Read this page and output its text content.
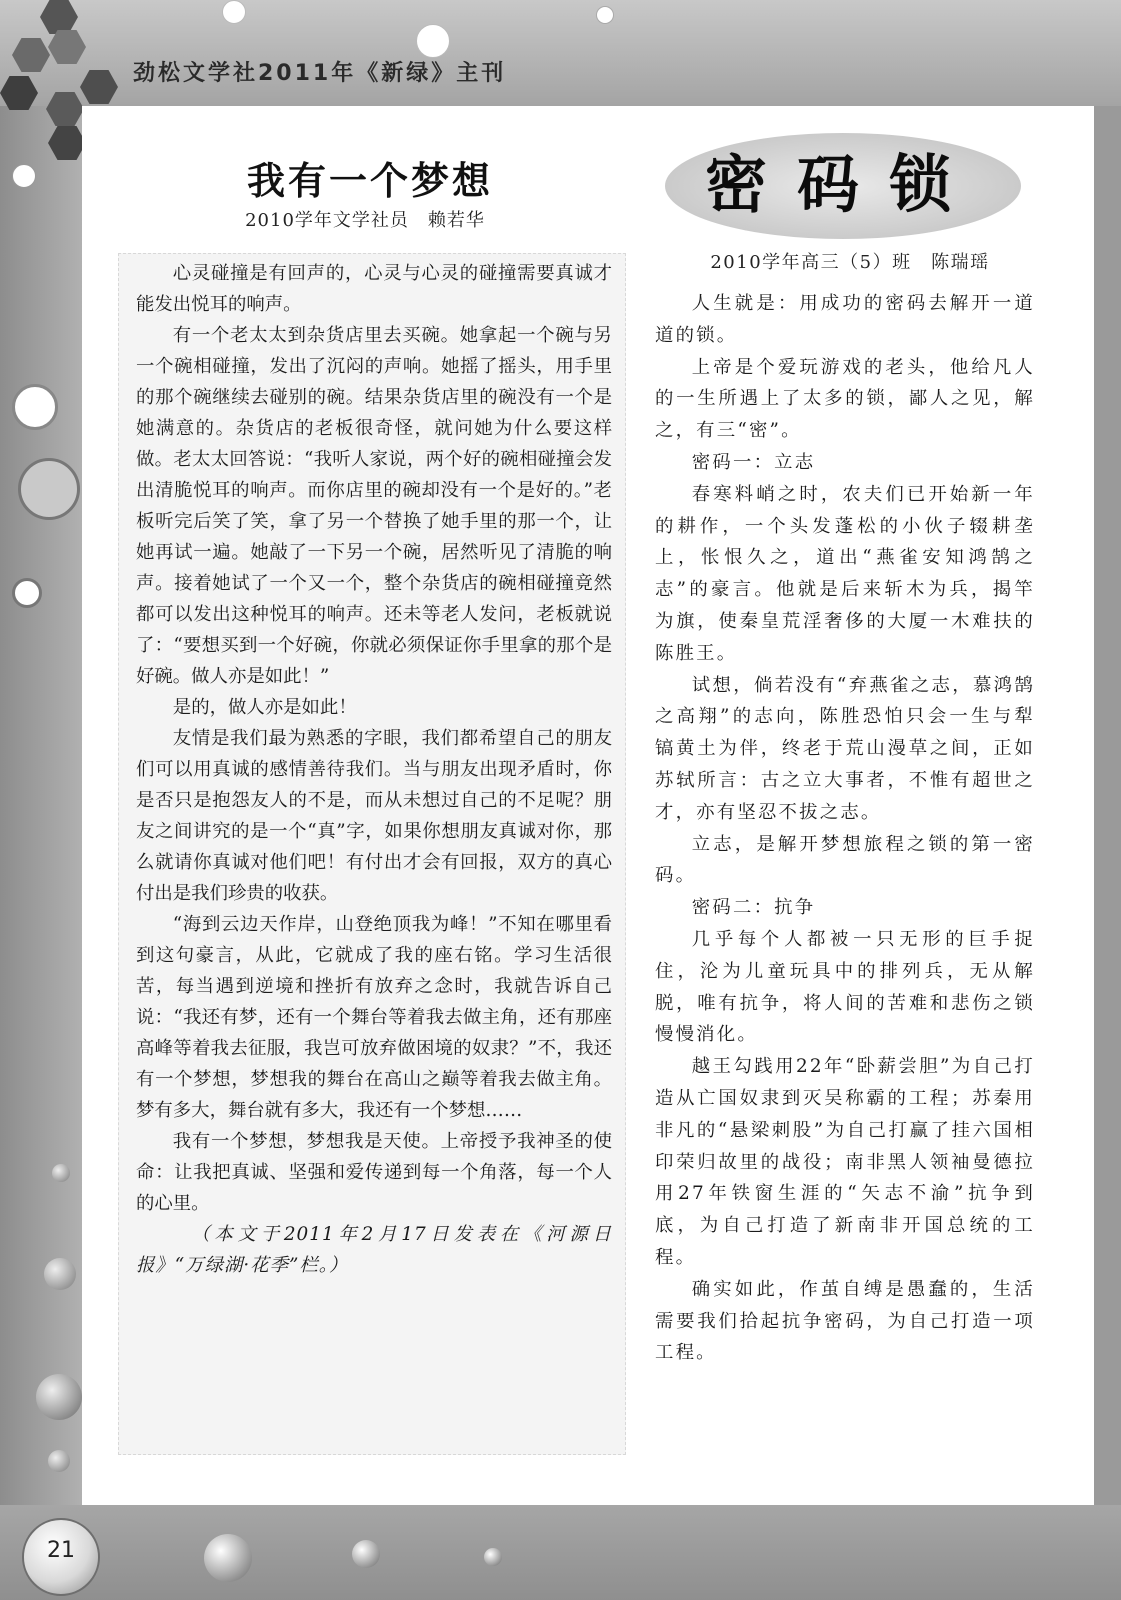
劲松文学社2011年《新绿》主刊
我有一个梦想
2010学年文学社员　赖若华

心灵碰撞是有回声的，心灵与心灵的碰撞需要真诚才能发出悦耳的响声。

有一个老太太到杂货店里去买碗。她拿起一个碗与另一个碗相碰撞，发出了沉闷的声响。她摇了摇头，用手里的那个碗继续去碰别的碗。结果杂货店里的碗没有一个是她满意的。杂货店的老板很奇怪，就问她为什么要这样做。老太太回答说：“我听人家说，两个好的碗相碰撞会发出清脆悦耳的响声。而你店里的碗却没有一个是好的。”老板听完后笑了笑，拿了另一个替换了她手里的那一个，让她再试一遍。她敲了一下另一个碗，居然听见了清脆的响声。接着她试了一个又一个，整个杂货店的碗相碰撞竟然都可以发出这种悦耳的响声。还未等老人发问，老板就说了：“要想买到一个好碗，你就必须保证你手里拿的那个是好碗。做人亦是如此！”

是的，做人亦是如此！

友情是我们最为熟悉的字眼，我们都希望自己的朋友们可以用真诚的感情善待我们。当与朋友出现矛盾时，你是否只是抱怨友人的不是，而从未想过自己的不足呢？朋友之间讲究的是一个“真”字，如果你想朋友真诚对你，那么就请你真诚对他们吧！有付出才会有回报，双方的真心付出是我们珍贵的收获。

“海到云边天作岸，山登绝顶我为峰！”不知在哪里看到这句豪言，从此，它就成了我的座右铭。学习生活很苦，每当遇到逆境和挫折有放弃之念时，我就告诉自己说：“我还有梦，还有一个舞台等着我去做主角，还有那座高峰等着我去征服，我岂可放弃做困境的奴隶？”不，我还有一个梦想，梦想我的舞台在高山之巅等着我去做主角。梦有多大，舞台就有多大，我还有一个梦想……

我有一个梦想，梦想我是天使。上帝授予我神圣的使命：让我把真诚、坚强和爱传递到每一个角落，每一个人的心里。

（本文于2011年2月17日发表在《河源日报》“万绿湖·花季”栏。）

密码锁
2010学年高三（5）班　陈瑞瑶

人生就是：用成功的密码去解开一道道的锁。

上帝是个爱玩游戏的老头，他给凡人的一生所遇上了太多的锁，鄙人之见，解之，有三“密”。

密码一：立志

春寒料峭之时，农夫们已开始新一年的耕作，一个头发蓬松的小伙子辍耕垄上，怅恨久之，道出“燕雀安知鸿鹄之志”的豪言。他就是后来斩木为兵，揭竿为旗，使秦皇荒淫奢侈的大厦一木难扶的陈胜王。

试想，倘若没有“弃燕雀之志，慕鸿鹄之高翔”的志向，陈胜恐怕只会一生与犁镐黄土为伴，终老于荒山漫草之间，正如苏轼所言：古之立大事者，不惟有超世之才，亦有坚忍不拔之志。

立志，是解开梦想旅程之锁的第一密码。

密码二：抗争

几乎每个人都被一只无形的巨手捉住，沦为儿童玩具中的排列兵，无从解脱，唯有抗争，将人间的苦难和悲伤之锁慢慢消化。

越王勾践用22年“卧薪尝胆”为自己打造从亡国奴隶到灭吴称霸的工程；苏秦用非凡的“悬梁刺股”为自己打赢了挂六国相印荣归故里的战役；南非黑人领袖曼德拉用27年铁窗生涯的“矢志不渝”抗争到底，为自己打造了新南非开国总统的工程。

确实如此，作茧自缚是愚蠢的，生活需要我们拾起抗争密码，为自己打造一项工程。

21
